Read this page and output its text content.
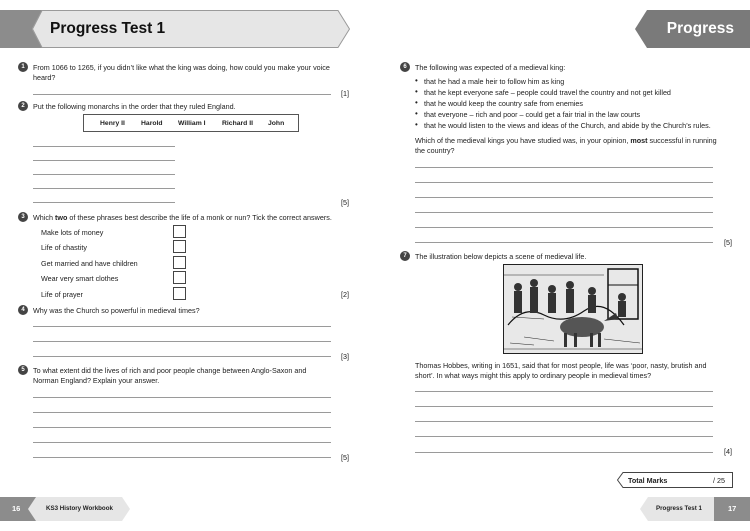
Progress Test 1	Progress
1	From 1066 to 1265, if you didn’t like what the king was doing, how could you make your voice
heard?
[1]
2	Put the following monarchs in the order that they ruled England.
Henry II Harold William I Richard II John
[5]
3	Which two of these phrases best describe the life of a monk or nun? Tick the correct answers.
Make lots of money
Life of chastity
Get married and have children
Wear very smart clothes
Life of prayer	[2]
4	Why was the Church so powerful in medieval times?
[3]
5	To what extent did the lives of rich and poor people change between Anglo-Saxon and
Norman England? Explain your answer.
[5]
6	The following was expected of a medieval king:
• that he had a male heir to follow him as king
• that he kept everyone safe – people could travel the country and not get killed
• that he would keep the country safe from enemies
• that everyone – rich and poor – could get a fair trial in the law courts
• that he would listen to the views and ideas of the Church, and abide by the Church’s rules.
Which of the medieval kings you have studied was, in your opinion, most successful in running
the country?
[5]
7	The illustration below depicts a scene of medieval life.
Thomas Hobbes, writing in 1651, said that for most people, life was ‘poor, nasty, brutish and
short’. In what ways might this apply to ordinary people in medieval times?
[4]
Total Marks	/ 25
16	KS3 History Workbook	Progress Test 1	17
